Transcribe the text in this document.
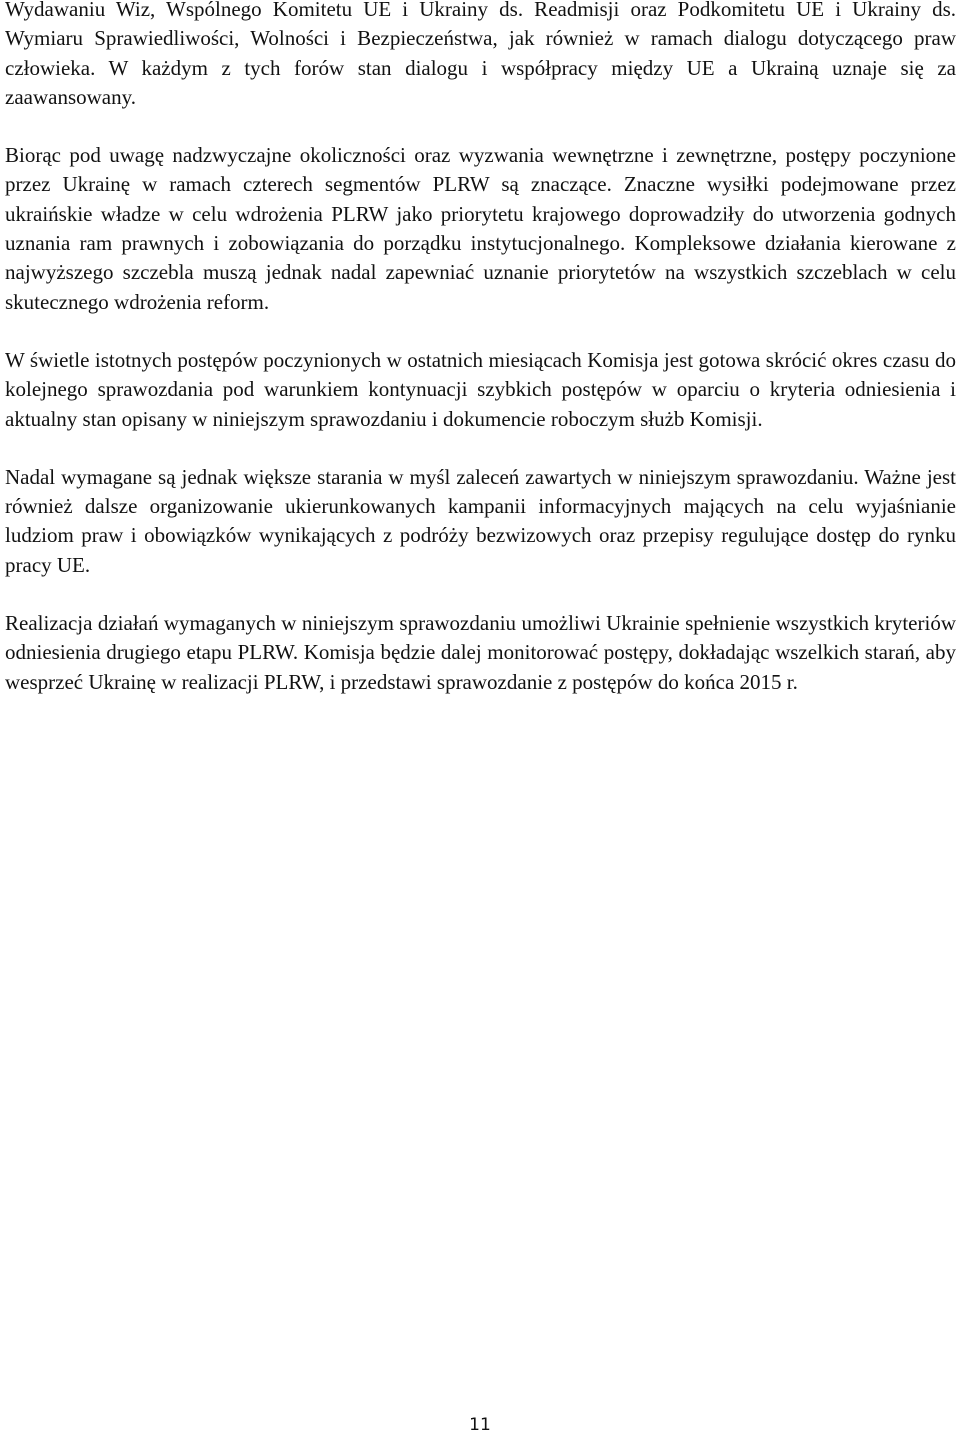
Wydawaniu Wiz, Wspólnego Komitetu UE i Ukrainy ds. Readmisji oraz Podkomitetu UE i Ukrainy ds. Wymiaru Sprawiedliwości, Wolności i Bezpieczeństwa, jak również w ramach dialogu dotyczącego praw człowieka. W każdym z tych forów stan dialogu i współpracy między UE a Ukrainą uznaje się za zaawansowany.

Biorąc pod uwagę nadzwyczajne okoliczności oraz wyzwania wewnętrzne i zewnętrzne, postępy poczynione przez Ukrainę w ramach czterech segmentów PLRW są znaczące. Znaczne wysiłki podejmowane przez ukraińskie władze w celu wdrożenia PLRW jako priorytetu krajowego doprowadziły do utworzenia godnych uznania ram prawnych i zobowiązania do porządku instytucjonalnego. Kompleksowe działania kierowane z najwyższego szczebla muszą jednak nadal zapewniać uznanie priorytetów na wszystkich szczeblach w celu skutecznego wdrożenia reform.

W świetle istotnych postępów poczynionych w ostatnich miesiącach Komisja jest gotowa skrócić okres czasu do kolejnego sprawozdania pod warunkiem kontynuacji szybkich postępów w oparciu o kryteria odniesienia i aktualny stan opisany w niniejszym sprawozdaniu i dokumencie roboczym służb Komisji.

Nadal wymagane są jednak większe starania w myśl zaleceń zawartych w niniejszym sprawozdaniu. Ważne jest również dalsze organizowanie ukierunkowanych kampanii informacyjnych mających na celu wyjaśnianie ludziom praw i obowiązków wynikających z podróży bezwizowych oraz przepisy regulujące dostęp do rynku pracy UE.

Realizacja działań wymaganych w niniejszym sprawozdaniu umożliwi Ukrainie spełnienie wszystkich kryteriów odniesienia drugiego etapu PLRW. Komisja będzie dalej monitorować postępy, dokładając wszelkich starań, aby wesprzeć Ukrainę w realizacji PLRW, i przedstawi sprawozdanie z postępów do końca 2015 r.

11
